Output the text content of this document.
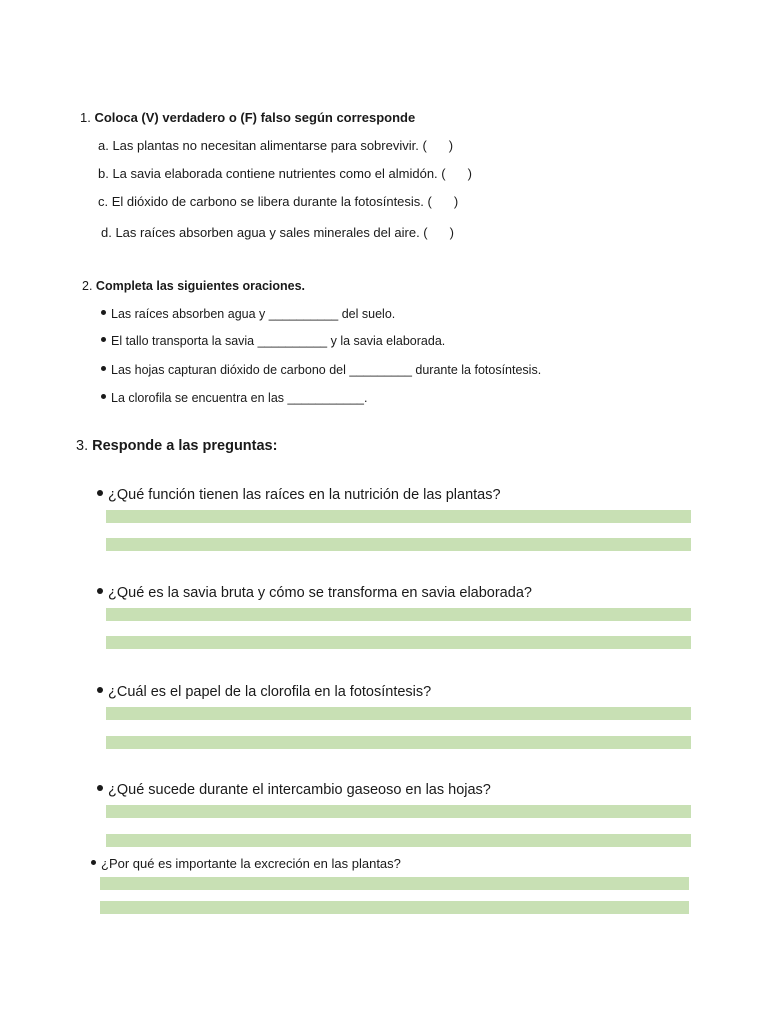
1. Coloca (V) verdadero o (F) falso según corresponde
a. Las plantas no necesitan alimentarse para sobrevivir. ( )
b. La savia elaborada contiene nutrientes como el almidón. ( )
c. El dióxido de carbono se libera durante la fotosíntesis. ( )
d. Las raíces absorben agua y sales minerales del aire. ( )
2. Completa las siguientes oraciones.
Las raíces absorben agua y __________ del suelo.
El tallo transporta la savia __________ y la savia elaborada.
Las hojas capturan dióxido de carbono del _________ durante la fotosíntesis.
La clorofila se encuentra en las ___________.
3. Responde a las preguntas:
¿Qué función tienen las raíces en la nutrición de las plantas?
¿Qué es la savia bruta y cómo se transforma en savia elaborada?
¿Cuál es el papel de la clorofila en la fotosíntesis?
¿Qué sucede durante el intercambio gaseoso en las hojas?
¿Por qué es importante la excreción en las plantas?
